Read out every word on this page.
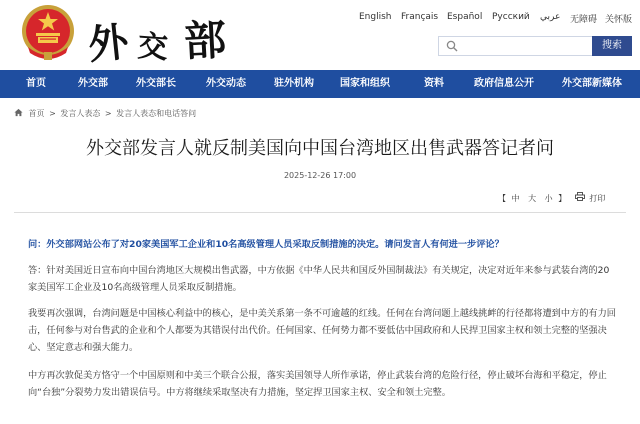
外 交 部	English Français Español Русский عربي 无障碍 关怀版
搜索
首页	外交部	外交部长	外交动态	驻外机构	国家和组织	资料	政府信息公开	外交部新媒体
首页 > 发言人表态 > 发言人表态和电话答问
外交部发言人就反制美国向中国台湾地区出售武器答记者问
2025-12-26 17:00
【 中 大 小 】	打印

问：外交部网站公布了对20家美国军工企业和10名高级管理人员采取反制措施的决定。请问发言人有何进一步评论？

答：针对美国近日宣布向中国台湾地区大规模出售武器，中方依据《中华人民共和国反外国制裁法》有关规定，决定对近年来参与武装台湾的20家美国军工企业及10名高级管理人员采取反制措施。

我要再次强调，台湾问题是中国核心利益中的核心，是中美关系第一条不可逾越的红线。任何在台湾问题上越线挑衅的行径都将遭到中方的有力回击，任何参与对台售武的企业和个人都要为其错误付出代价。任何国家、任何势力都不要低估中国政府和人民捍卫国家主权和领土完整的坚强决心、坚定意志和强大能力。

中方再次敦促美方恪守一个中国原则和中美三个联合公报，落实美国领导人所作承诺，停止武装台湾的危险行径，停止破坏台海和平稳定，停止向“台独”分裂势力发出错误信号。中方将继续采取坚决有力措施，坚定捍卫国家主权、安全和领土完整。
